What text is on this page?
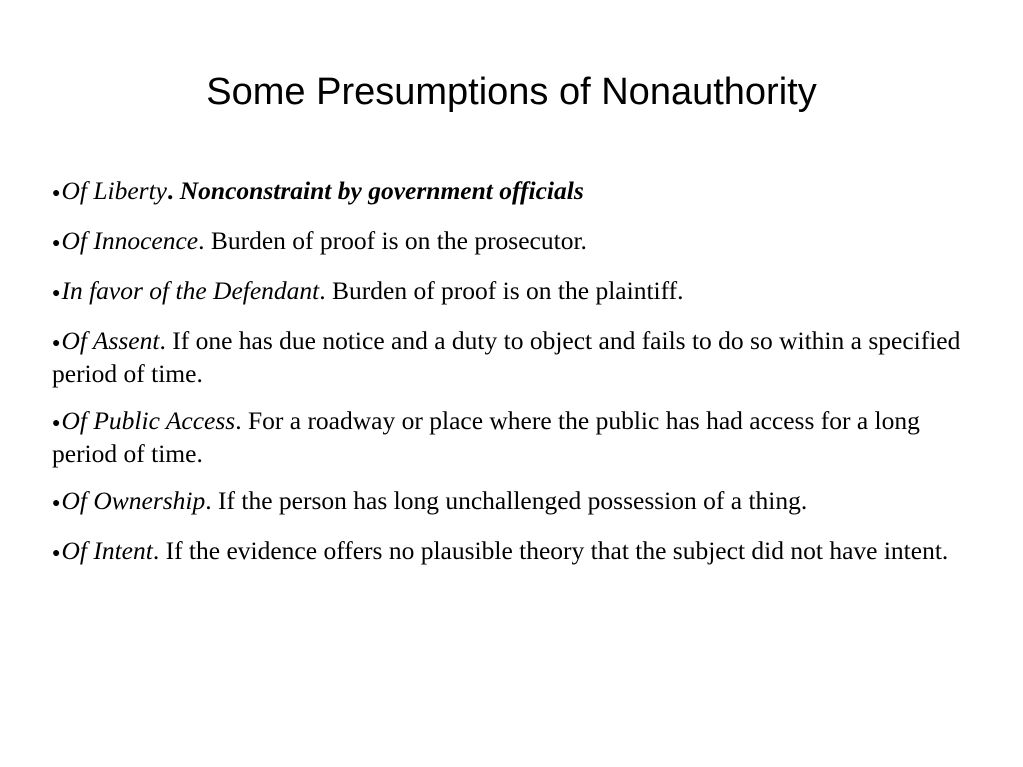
Some Presumptions of Nonauthority
●Of Liberty. Nonconstraint by government officials
●Of Innocence. Burden of proof is on the prosecutor.
●In favor of the Defendant. Burden of proof is on the plaintiff.
●Of Assent. If one has due notice and a duty to object and fails to do so within a specified period of time.
●Of Public Access. For a roadway or place where the public has had access for a long period of time.
●Of Ownership. If the person has long unchallenged possession of a thing.
●Of Intent. If the evidence offers no plausible theory that the subject did not have intent.
